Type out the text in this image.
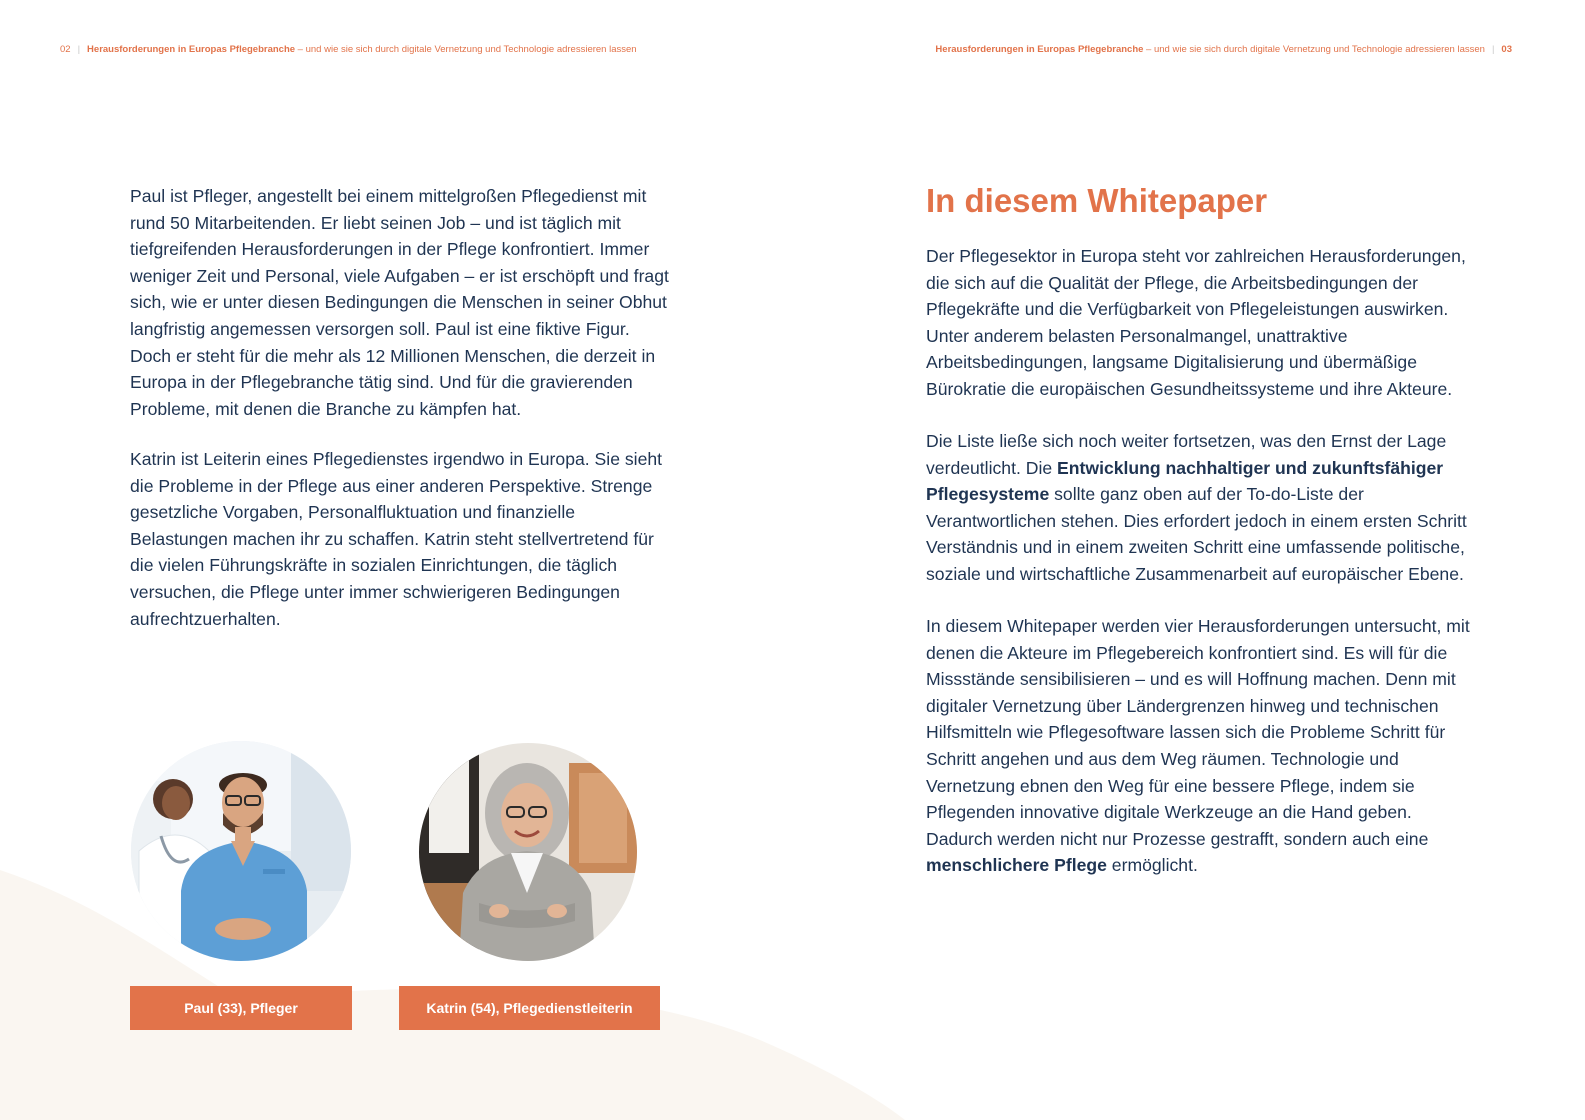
02 | Herausforderungen in Europas Pflegebranche – und wie sie sich durch digitale Vernetzung und Technologie adressieren lassen	Herausforderungen in Europas Pflegebranche – und wie sie sich durch digitale Vernetzung und Technologie adressieren lassen | 03

Paul ist Pfleger, angestellt bei einem mittelgroßen Pflegedienst mit rund 50 Mitarbeitenden. Er liebt seinen Job – und ist täglich mit tiefgreifenden Herausforderungen in der Pflege konfrontiert. Immer weniger Zeit und Personal, viele Aufgaben – er ist erschöpft und fragt sich, wie er unter diesen Bedingungen die Menschen in seiner Obhut langfristig angemessen versorgen soll. Paul ist eine fiktive Figur. Doch er steht für die mehr als 12 Millionen Menschen, die derzeit in Europa in der Pflegebranche tätig sind. Und für die gravierenden Probleme, mit denen die Branche zu kämpfen hat.

Katrin ist Leiterin eines Pflegedienstes irgendwo in Europa. Sie sieht die Probleme in der Pflege aus einer anderen Perspektive. Strenge gesetzliche Vorgaben, Personalfluktuation und finanzielle Belastungen machen ihr zu schaffen. Katrin steht stellvertretend für die vielen Führungskräfte in sozialen Einrichtungen, die täglich versuchen, die Pflege unter immer schwierigeren Bedingungen aufrechtzuerhalten.

Paul (33), Pfleger	Katrin (54), Pflegedienstleiterin
In diesem Whitepaper

Der Pflegesektor in Europa steht vor zahlreichen Herausforderungen, die sich auf die Qualität der Pflege, die Arbeitsbedingungen der Pflegekräfte und die Verfügbarkeit von Pflegeleistungen auswirken. Unter anderem belasten Personalmangel, unattraktive Arbeitsbedingungen, langsame Digitalisierung und übermäßige Bürokratie die europäischen Gesundheitssysteme und ihre Akteure.

Die Liste ließe sich noch weiter fortsetzen, was den Ernst der Lage verdeutlicht. Die Entwicklung nachhaltiger und zukunftsfähiger Pflegesysteme sollte ganz oben auf der To-do-Liste der Verantwortlichen stehen. Dies erfordert jedoch in einem ersten Schritt Verständnis und in einem zweiten Schritt eine umfassende politische, soziale und wirtschaftliche Zusammenarbeit auf europäischer Ebene.

In diesem Whitepaper werden vier Herausforderungen untersucht, mit denen die Akteure im Pflegebereich konfrontiert sind. Es will für die Missstände sensibilisieren – und es will Hoffnung machen. Denn mit digitaler Vernetzung über Ländergrenzen hinweg und technischen Hilfsmitteln wie Pflegesoftware lassen sich die Probleme Schritt für Schritt angehen und aus dem Weg räumen. Technologie und Vernetzung ebnen den Weg für eine bessere Pflege, indem sie Pflegenden innovative digitale Werkzeuge an die Hand geben. Dadurch werden nicht nur Prozesse gestrafft, sondern auch eine menschlichere Pflege ermöglicht.
